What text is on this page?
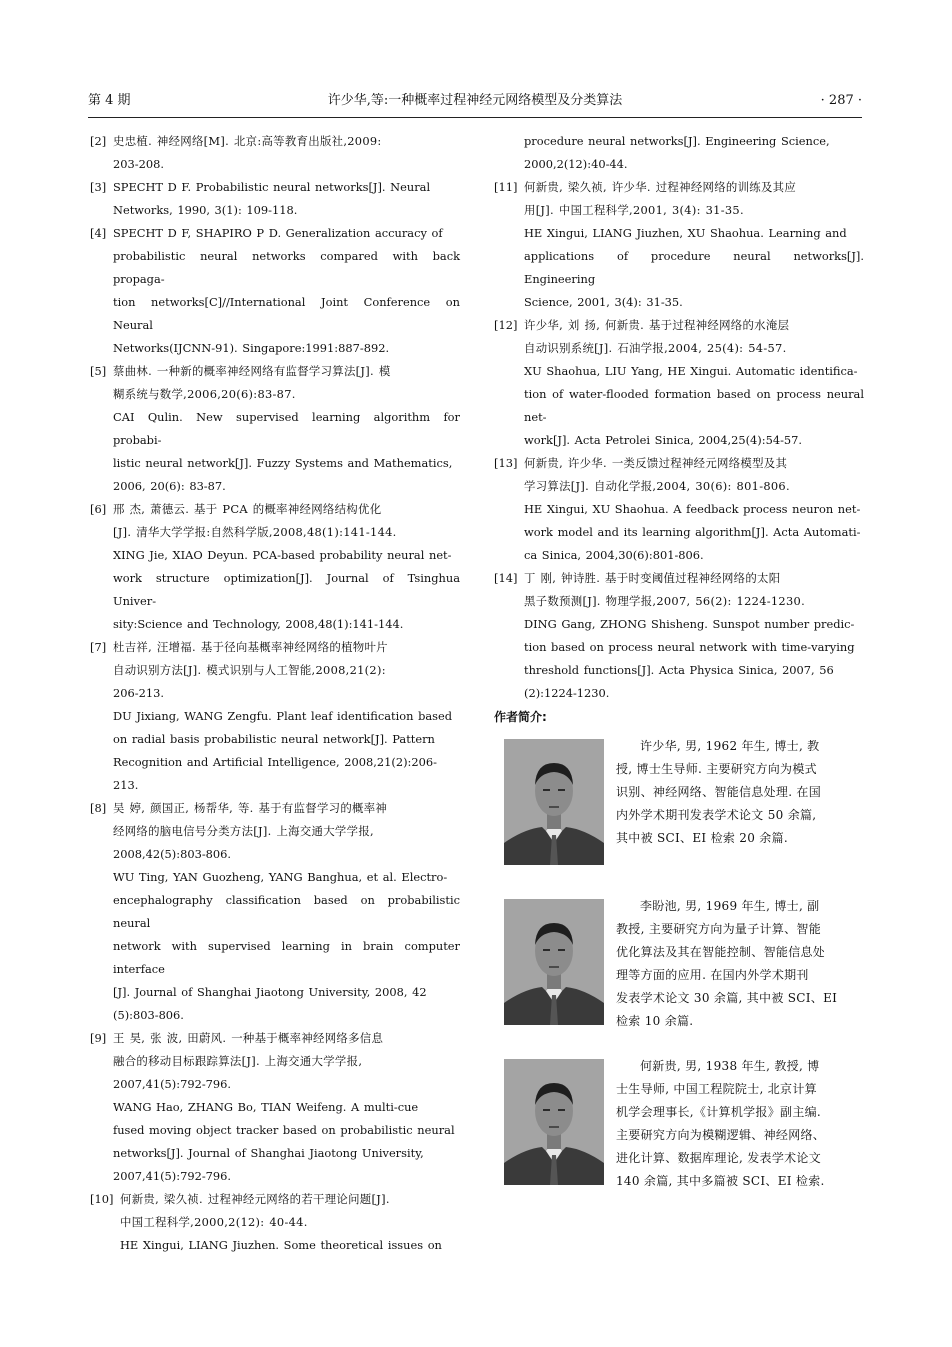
第 4 期	许少华,等:一种概率过程神经元网络模型及分类算法	· 287 ·
[2] 史忠植. 神经网络[M]. 北京:高等教育出版社,2009:

203-208.

[3] SPECHT D F. Probabilistic neural networks[J]. Neural

Networks, 1990, 3(1): 109-118.

[4] SPECHT D F, SHAPIRO P D. Generalization accuracy of

probabilistic neural networks compared with back propaga-

tion networks[C]//International Joint Conference on Neural

Networks(IJCNN-91). Singapore:1991:887-892.

[5] 蔡曲林. 一种新的概率神经网络有监督学习算法[J]. 模

糊系统与数学,2006,20(6):83-87.

CAI Qulin. New supervised learning algorithm for probabi-

listic neural network[J]. Fuzzy Systems and Mathematics,

2006, 20(6): 83-87.

[6] 邢 杰, 萧德云. 基于 PCA 的概率神经网络结构优化

[J]. 清华大学学报:自然科学版,2008,48(1):141-144.

XING Jie, XIAO Deyun. PCA-based probability neural net-

work structure optimization[J]. Journal of Tsinghua Univer-

sity:Science and Technology, 2008,48(1):141-144.

[7] 杜吉祥, 汪增福. 基于径向基概率神经网络的植物叶片

自动识别方法[J]. 模式识别与人工智能,2008,21(2):

206-213.

DU Jixiang, WANG Zengfu. Plant leaf identification based

on radial basis probabilistic neural network[J]. Pattern

Recognition and Artificial Intelligence, 2008,21(2):206-

213.

[8] 吴 婷, 颜国正, 杨帮华, 等. 基于有监督学习的概率神

经网络的脑电信号分类方法[J]. 上海交通大学学报,

2008,42(5):803-806.

WU Ting, YAN Guozheng, YANG Banghua, et al. Electro-

encephalography classification based on probabilistic neural

network with supervised learning in brain computer interface

[J]. Journal of Shanghai Jiaotong University, 2008, 42

(5):803-806.

[9] 王 昊, 张 波, 田蔚风. 一种基于概率神经网络多信息

融合的移动目标跟踪算法[J]. 上海交通大学学报,

2007,41(5):792-796.

WANG Hao, ZHANG Bo, TIAN Weifeng. A multi-cue

fused moving object tracker based on probabilistic neural

networks[J]. Journal of Shanghai Jiaotong University,

2007,41(5):792-796.

[10] 何新贵, 梁久祯. 过程神经元网络的若干理论问题[J].

中国工程科学,2000,2(12): 40-44.

HE Xingui, LIANG Jiuzhen. Some theoretical issues on

procedure neural networks[J]. Engineering Science,

2000,2(12):40-44.

[11] 何新贵, 梁久祯, 许少华. 过程神经网络的训练及其应

用[J]. 中国工程科学,2001, 3(4): 31-35.

HE Xingui, LIANG Jiuzhen, XU Shaohua. Learning and

applications of procedure neural networks[J]. Engineering

Science, 2001, 3(4): 31-35.

[12] 许少华, 刘 扬, 何新贵. 基于过程神经网络的水淹层

自动识别系统[J]. 石油学报,2004, 25(4): 54-57.

XU Shaohua, LIU Yang, HE Xingui. Automatic identifica-

tion of water-flooded formation based on process neural net-

work[J]. Acta Petrolei Sinica, 2004,25(4):54-57.

[13] 何新贵, 许少华. 一类反馈过程神经元网络模型及其

学习算法[J]. 自动化学报,2004, 30(6): 801-806.

HE Xingui, XU Shaohua. A feedback process neuron net-

work model and its learning algorithm[J]. Acta Automati-

ca Sinica, 2004,30(6):801-806.

[14] 丁 刚, 钟诗胜. 基于时变阈值过程神经网络的太阳

黑子数预测[J]. 物理学报,2007, 56(2): 1224-1230.

DING Gang, ZHONG Shisheng. Sunspot number predic-

tion based on process neural network with time-varying

threshold functions[J]. Acta Physica Sinica, 2007, 56

(2):1224-1230.

作者简介:
许少华, 男, 1962 年生, 博士, 教
授, 博士生导师. 主要研究方向为模式
识别、神经网络、智能信息处理. 在国
内外学术期刊发表学术论文 50 余篇,
其中被 SCI、EI 检索 20 余篇.
李盼池, 男, 1969 年生, 博士, 副
教授, 主要研究方向为量子计算、智能
优化算法及其在智能控制、智能信息处
理等方面的应用. 在国内外学术期刊
发表学术论文 30 余篇, 其中被 SCI、EI
检索 10 余篇.
何新贵, 男, 1938 年生, 教授, 博
士生导师, 中国工程院院士, 北京计算
机学会理事长,《计算机学报》副主编.
主要研究方向为模糊逻辑、神经网络、
进化计算、数据库理论, 发表学术论文
140 余篇, 其中多篇被 SCI、EI 检索.
